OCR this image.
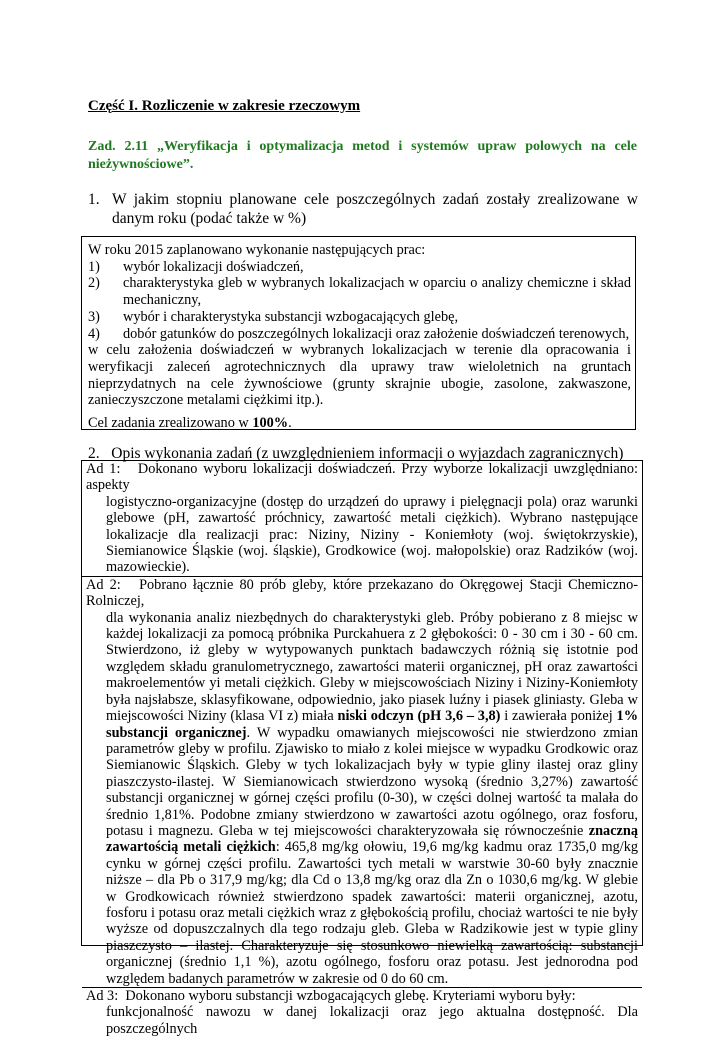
Część I. Rozliczenie w zakresie rzeczowym
Zad. 2.11 „Weryfikacja i optymalizacja metod i systemów upraw polowych na cele nieżywnościowe”.
1. W jakim stopniu planowane cele poszczególnych zadań zostały zrealizowane w danym roku (podać także w %)
W roku 2015 zaplanowano wykonanie następujących prac:
1)	wybór lokalizacji doświadczeń,
2)	charakterystyka gleb w wybranych lokalizacjach w oparciu o analizy chemiczne i skład mechaniczny,
3)	wybór i charakterystyka substancji wzbogacających glebę,
4)	dobór gatunków do poszczególnych lokalizacji oraz założenie doświadczeń terenowych,
w celu założenia doświadczeń w wybranych lokalizacjach w terenie dla opracowania i weryfikacji zaleceń agrotechnicznych dla uprawy traw wieloletnich na gruntach nieprzydatnych na cele żywnościowe (grunty skrajnie ubogie, zasolone, zakwaszone, zanieczyszczone metalami ciężkimi itp.).
Cel zadania zrealizowano w 100%.
2. Opis wykonania zadań (z uwzględnieniem informacji o wyjazdach zagranicznych)
Ad 1: Dokonano wyboru lokalizacji doświadczeń. Przy wyborze lokalizacji uwzględniano: aspekty
logistyczno-organizacyjne (dostęp do urządzeń do uprawy i pielęgnacji pola) oraz warunki glebowe (pH, zawartość próchnicy, zawartość metali ciężkich). Wybrano następujące lokalizacje dla realizacji prac: Niziny, Niziny - Koniemłoty (woj. świętokrzyskie), Siemianowice Śląskie (woj. śląskie), Grodkowice (woj. małopolskie) oraz Radzików (woj. mazowieckie).
Ad 2: Pobrano łącznie 80 prób gleby, które przekazano do Okręgowej Stacji Chemiczno-Rolniczej,
dla wykonania analiz niezbędnych do charakterystyki gleb. Próby pobierano z 8 miejsc w każdej lokalizacji za pomocą próbnika Purckahuera z 2 głębokości: 0 - 30 cm i 30 - 60 cm. Stwierdzono, iż gleby w wytypowanych punktach badawczych różnią się istotnie pod względem składu granulometrycznego, zawartości materii organicznej, pH oraz zawartości makroelementów yi metali ciężkich. Gleby w miejscowościach Niziny i Niziny-Koniemłoty była najsłabsze, sklasyfikowane, odpowiednio, jako piasek luźny i piasek gliniasty. Gleba w miejscowości Niziny (klasa VI z) miała niski odczyn (pH 3,6 – 3,8) i zawierała poniżej 1% substancji organicznej. W wypadku omawianych miejscowości nie stwierdzono zmian parametrów gleby w profilu. Zjawisko to miało z kolei miejsce w wypadku Grodkowic oraz Siemianowic Śląskich. Gleby w tych lokalizacjach były w typie gliny ilastej oraz gliny piaszczysto-ilastej. W Siemianowicach stwierdzono wysoką (średnio 3,27%) zawartość substancji organicznej w górnej części profilu (0-30), w części dolnej wartość ta malała do średnio 1,81%. Podobne zmiany stwierdzono w zawartości azotu ogólnego, oraz fosforu, potasu i magnezu. Gleba w tej miejscowości charakteryzowała się równocześnie znaczną zawartością metali ciężkich: 465,8 mg/kg ołowiu, 19,6 mg/kg kadmu oraz 1735,0 mg/kg cynku w górnej części profilu. Zawartości tych metali w warstwie 30-60 były znacznie niższe – dla Pb o 317,9 mg/kg; dla Cd o 13,8 mg/kg oraz dla Zn o 1030,6 mg/kg. W glebie w Grodkowicach również stwierdzono spadek zawartości: materii organicznej, azotu, fosforu i potasu oraz metali ciężkich wraz z głębokością profilu, chociaż wartości te nie były wyższe od dopuszczalnych dla tego rodzaju gleb. Gleba w Radzikowie jest w typie gliny piaszczysto – ilastej. Charakteryzuje się stosunkowo niewielką zawartością: substancji organicznej (średnio 1,1 %), azotu ogólnego, fosforu oraz potasu. Jest jednorodna pod względem badanych parametrów w zakresie od 0 do 60 cm.
Ad 3: Dokonano wyboru substancji wzbogacających glebę. Kryteriami wyboru były:
funkcjonalność nawozu w danej lokalizacji oraz jego aktualna dostępność. Dla poszczególnych
